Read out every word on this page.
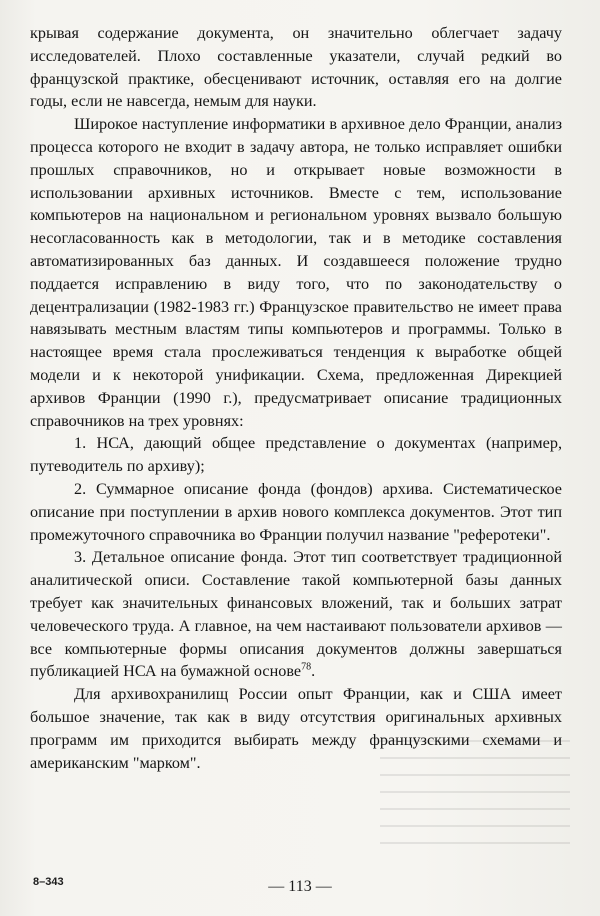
крывая содержание документа, он значительно облегчает задачу исследователей. Плохо составленные указатели, случай редкий во французской практике, обесценивают источник, оставляя его на долгие годы, если не навсегда, немым для науки.

Широкое наступление информатики в архивное дело Франции, анализ процесса которого не входит в задачу автора, не только исправляет ошибки прошлых справочников, но и открывает новые возможности в использовании архивных источников. Вместе с тем, использование компьютеров на национальном и региональном уровнях вызвало большую несогласованность как в методологии, так и в методике составления автоматизированных баз данных. И создавшееся положение трудно поддается исправлению в виду того, что по законодательству о децентрализации (1982-1983 гг.) Французское правительство не имеет права навязывать местным властям типы компьютеров и программы. Только в настоящее время стала прослеживаться тенденция к выработке общей модели и к некоторой унификации. Схема, предложенная Дирекцией архивов Франции (1990 г.), предусматривает описание традиционных справочников на трех уровнях:

1. НСА, дающий общее представление о документах (например, путеводитель по архиву);

2. Суммарное описание фонда (фондов) архива. Систематическое описание при поступлении в архив нового комплекса документов. Этот тип промежуточного справочника во Франции получил название "реферотеки".

3. Детальное описание фонда. Этот тип соответствует традиционной аналитической описи. Составление такой компьютерной базы данных требует как значительных финансовых вложений, так и больших затрат человеческого труда. А главное, на чем настаивают пользователи архивов — все компьютерные формы описания документов должны завершаться публикацией НСА на бумажной основе$^{78}$.

Для архивохранилищ России опыт Франции, как и США имеет большое значение, так как в виду отсутствия оригинальных архивных программ им приходится выбирать между французскими схемами и американским "марком".

8–343	— 113 —
